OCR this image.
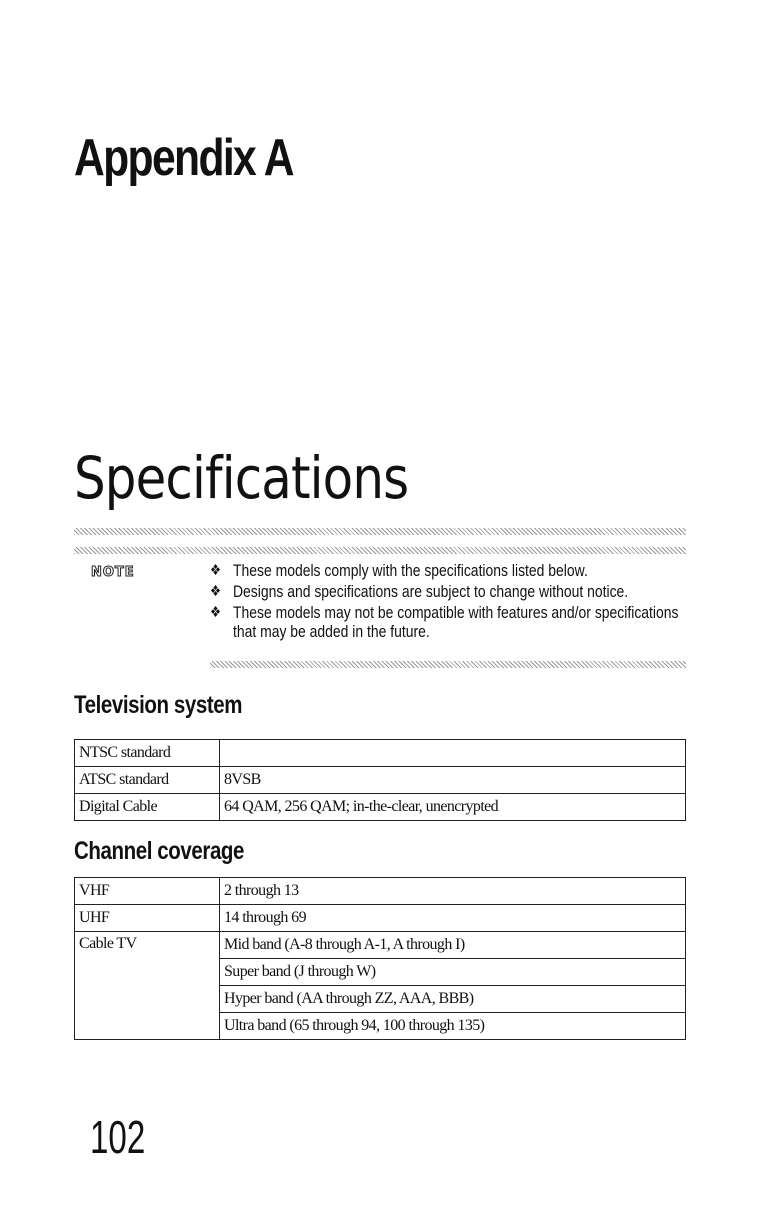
Appendix A
Specifications
NOTE	❖ These models comply with the specifications listed below.
❖ Designs and specifications are subject to change without notice.
❖ These models may not be compatible with features and/or specifications that may be added in the future.
Television system
NTSC standard	
ATSC standard	8VSB
Digital Cable	64 QAM, 256 QAM; in-the-clear, unencrypted
Channel coverage
VHF	2 through 13
UHF	14 through 69
Cable TV	Mid band (A-8 through A-1, A through I)
	Super band (J through W)
	Hyper band (AA through ZZ, AAA, BBB)
	Ultra band (65 through 94, 100 through 135)
102
